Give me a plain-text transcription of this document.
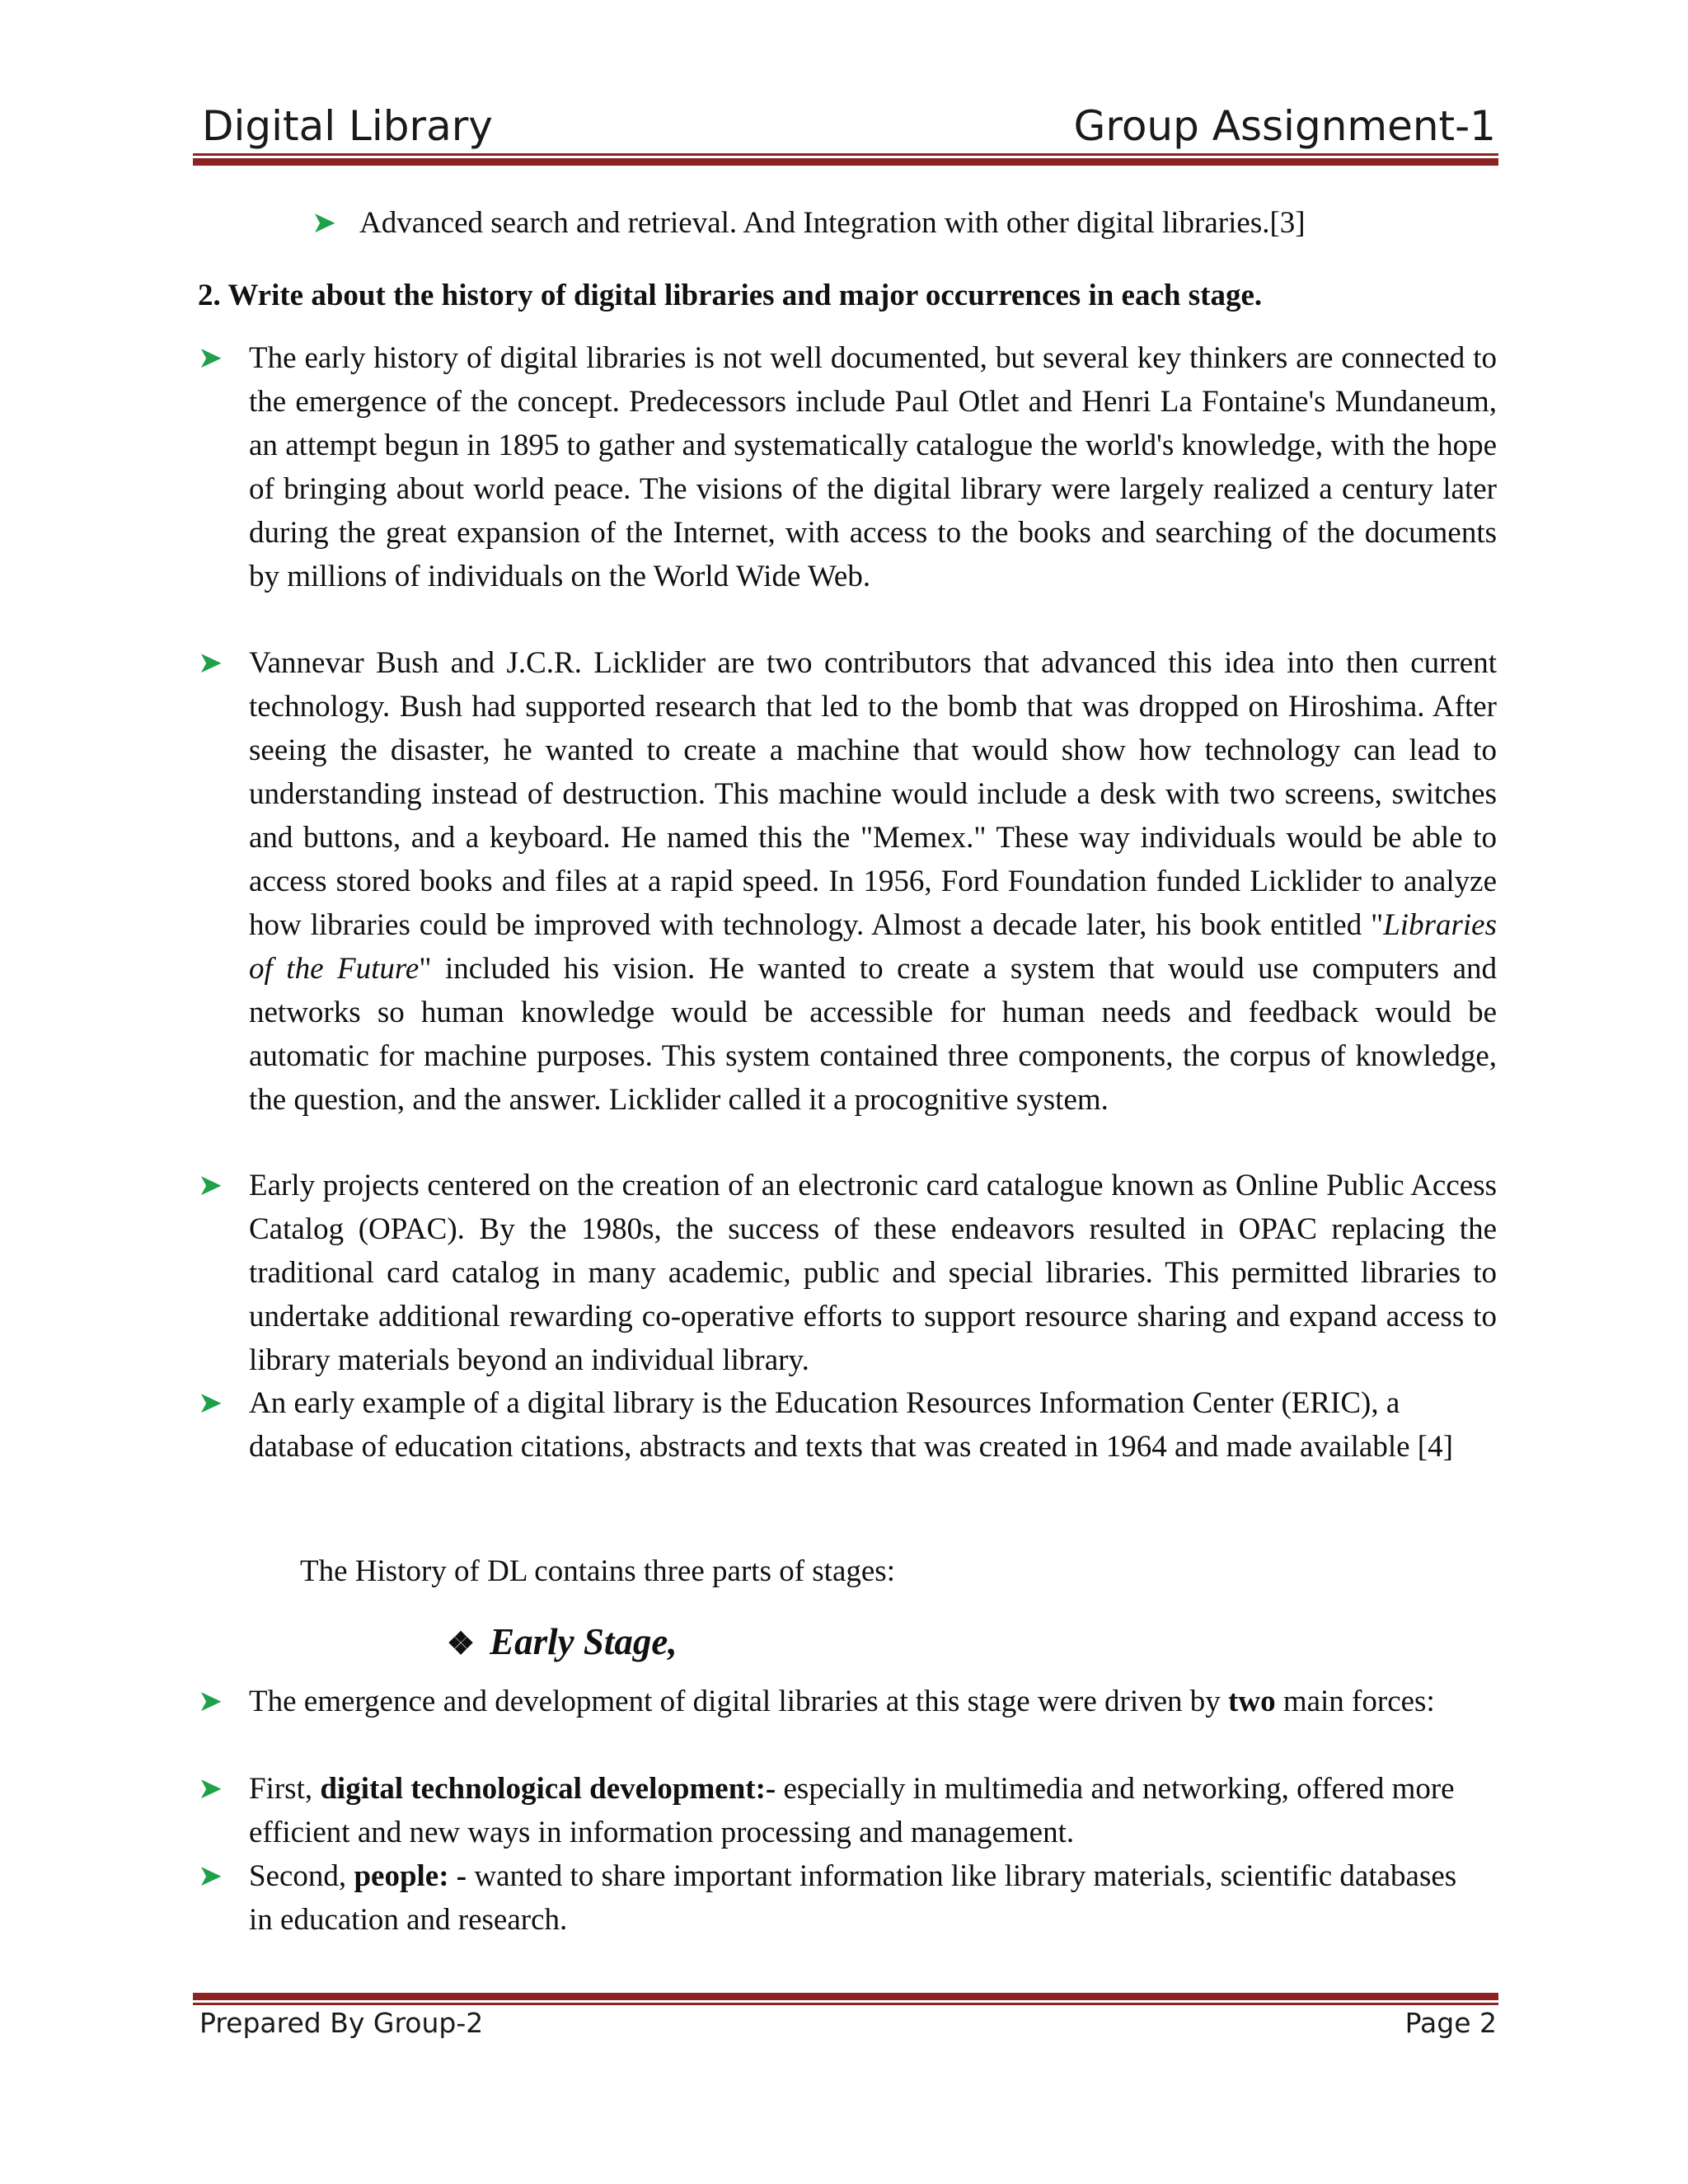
Digital Library	Group Assignment-1
➤ Advanced search and retrieval. And Integration with other digital libraries.[3]
2. Write about the history of digital libraries and major occurrences in each stage.
➤ The early history of digital libraries is not well documented, but several key thinkers are connected to the emergence of the concept. Predecessors include Paul Otlet and Henri La Fontaine's Mundaneum, an attempt begun in 1895 to gather and systematically catalogue the world's knowledge, with the hope of bringing about world peace. The visions of the digital library were largely realized a century later during the great expansion of the Internet, with access to the books and searching of the documents by millions of individuals on the World Wide Web.
➤ Vannevar Bush and J.C.R. Licklider are two contributors that advanced this idea into then current technology. Bush had supported research that led to the bomb that was dropped on Hiroshima. After seeing the disaster, he wanted to create a machine that would show how technology can lead to understanding instead of destruction. This machine would include a desk with two screens, switches and buttons, and a keyboard. He named this the "Memex." These way individuals would be able to access stored books and files at a rapid speed. In 1956, Ford Foundation funded Licklider to analyze how libraries could be improved with technology. Almost a decade later, his book entitled "Libraries of the Future" included his vision. He wanted to create a system that would use computers and networks so human knowledge would be accessible for human needs and feedback would be automatic for machine purposes. This system contained three components, the corpus of knowledge, the question, and the answer. Licklider called it a procognitive system.
➤ Early projects centered on the creation of an electronic card catalogue known as Online Public Access Catalog (OPAC). By the 1980s, the success of these endeavors resulted in OPAC replacing the traditional card catalog in many academic, public and special libraries. This permitted libraries to undertake additional rewarding co-operative efforts to support resource sharing and expand access to library materials beyond an individual library.
➤ An early example of a digital library is the Education Resources Information Center (ERIC), a database of education citations, abstracts and texts that was created in 1964 and made available [4]
The History of DL contains three parts of stages:
❖ Early Stage,
➤ The emergence and development of digital libraries at this stage were driven by two main forces:
➤ First, digital technological development:- especially in multimedia and networking, offered more efficient and new ways in information processing and management.
➤ Second, people: - wanted to share important information like library materials, scientific databases in education and research.
Prepared By Group-2	Page 2
